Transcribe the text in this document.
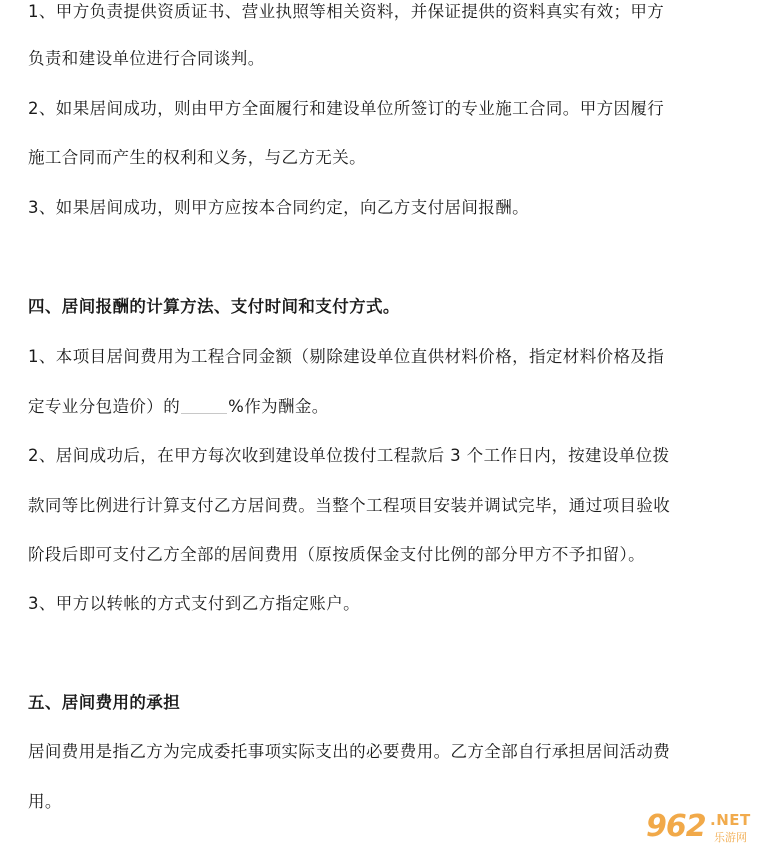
1、甲方负责提供资质证书、营业执照等相关资料，并保证提供的资料真实有效；甲方
负责和建设单位进行合同谈判。
2、如果居间成功，则由甲方全面履行和建设单位所签订的专业施工合同。甲方因履行
施工合同而产生的权利和义务，与乙方无关。
3、如果居间成功，则甲方应按本合同约定，向乙方支付居间报酬。
四、居间报酬的计算方法、支付时间和支付方式。
1、本项目居间费用为工程合同金额（剔除建设单位直供材料价格，指定材料价格及指
定专业分包造价）的	%作为酬金。
2、居间成功后，在甲方每次收到建设单位拨付工程款后 3 个工作日内，按建设单位拨
款同等比例进行计算支付乙方居间费。当整个工程项目安装并调试完毕，通过项目验收
阶段后即可支付乙方全部的居间费用（原按质保金支付比例的部分甲方不予扣留）。
3、甲方以转帐的方式支付到乙方指定账户。
五、居间费用的承担
居间费用是指乙方为完成委托事项实际支出的必要费用。乙方全部自行承担居间活动费
用。
962 .NET
乐游网
